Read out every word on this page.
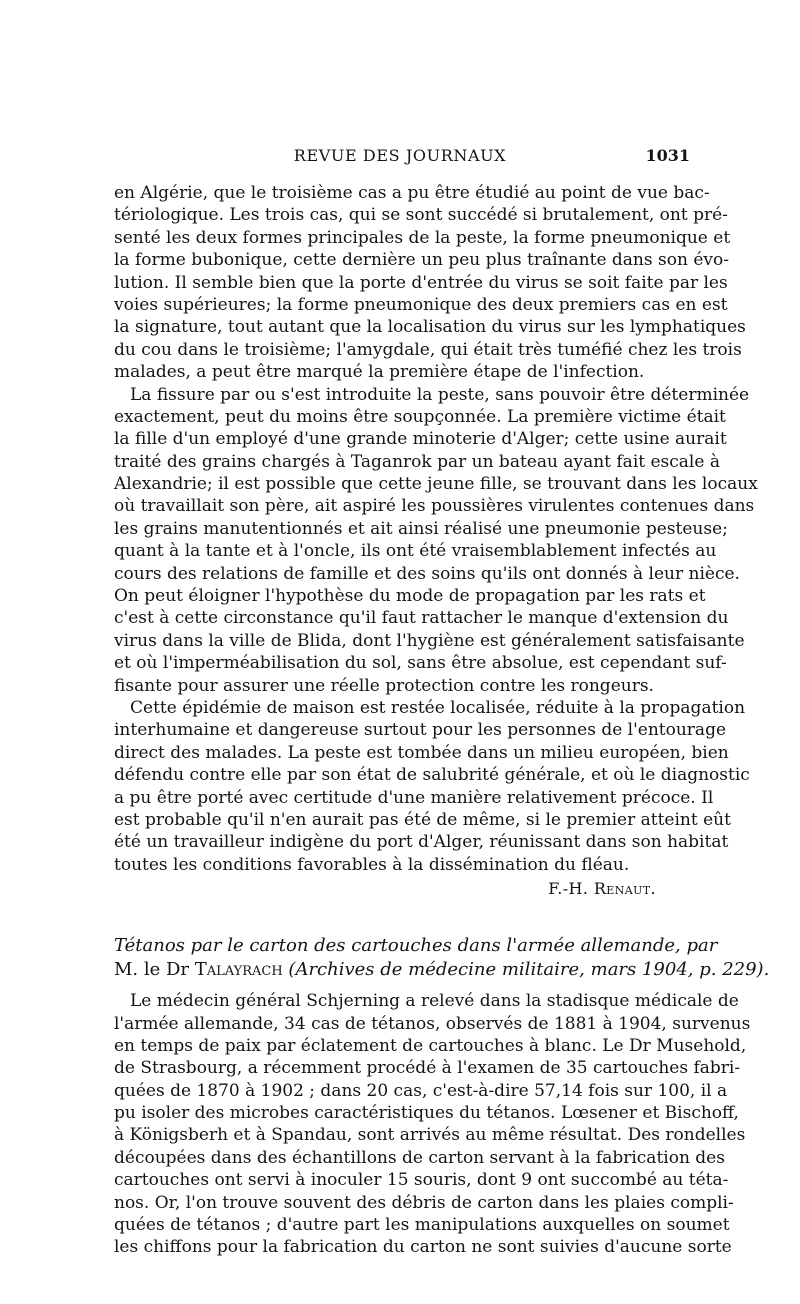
REVUE DES JOURNAUX	1031
en Algérie, que le troisième cas a pu être étudié au point de vue bac-
tériologique. Les trois cas, qui se sont succédé si brutalement, ont pré-
senté les deux formes principales de la peste, la forme pneumonique et
la forme bubonique, cette dernière un peu plus traînante dans son évo-
lution. Il semble bien que la porte d'entrée du virus se soit faite par les
voies supérieures; la forme pneumonique des deux premiers cas en est
la signature, tout autant que la localisation du virus sur les lymphatiques
du cou dans le troisième; l'amygdale, qui était très tuméfié chez les trois
malades, a peut être marqué la première étape de l'infection.
La fissure par ou s'est introduite la peste, sans pouvoir être déterminée
exactement, peut du moins être soupçonnée. La première victime était
la fille d'un employé d'une grande minoterie d'Alger; cette usine aurait
traité des grains chargés à Taganrok par un bateau ayant fait escale à
Alexandrie; il est possible que cette jeune fille, se trouvant dans les locaux
où travaillait son père, ait aspiré les poussières virulentes contenues dans
les grains manutentionnés et ait ainsi réalisé une pneumonie pesteuse;
quant à la tante et à l'oncle, ils ont été vraisemblablement infectés au
cours des relations de famille et des soins qu'ils ont donnés à leur nièce.
On peut éloigner l'hypothèse du mode de propagation par les rats et
c'est à cette circonstance qu'il faut rattacher le manque d'extension du
virus dans la ville de Blida, dont l'hygiène est généralement satisfaisante
et où l'imperméabilisation du sol, sans être absolue, est cependant suf-
fisante pour assurer une réelle protection contre les rongeurs.
Cette épidémie de maison est restée localisée, réduite à la propagation
interhumaine et dangereuse surtout pour les personnes de l'entourage
direct des malades. La peste est tombée dans un milieu européen, bien
défendu contre elle par son état de salubrité générale, et où le diagnostic
a pu être porté avec certitude d'une manière relativement précoce. Il
est probable qu'il n'en aurait pas été de même, si le premier atteint eût
été un travailleur indigène du port d'Alger, réunissant dans son habitat
toutes les conditions favorables à la dissémination du fléau.
F.-H. Renaut.
Tétanos par le carton des cartouches dans l'armée allemande, par
M. le Dr Talayrach (Archives de médecine militaire, mars 1904, p. 229).
Le médecin général Schjerning a relevé dans la stadisque médicale de
l'armée allemande, 34 cas de tétanos, observés de 1881 à 1904, survenus
en temps de paix par éclatement de cartouches à blanc. Le Dr Musehold,
de Strasbourg, a récemment procédé à l'examen de 35 cartouches fabri-
quées de 1870 à 1902 ; dans 20 cas, c'est-à-dire 57,14 fois sur 100, il a
pu isoler des microbes caractéristiques du tétanos. Lœsener et Bischoff,
à Königsberh et à Spandau, sont arrivés au même résultat. Des rondelles
découpées dans des échantillons de carton servant à la fabrication des
cartouches ont servi à inoculer 15 souris, dont 9 ont succombé au téta-
nos. Or, l'on trouve souvent des débris de carton dans les plaies compli-
quées de tétanos ; d'autre part les manipulations auxquelles on soumet
les chiffons pour la fabrication du carton ne sont suivies d'aucune sorte
